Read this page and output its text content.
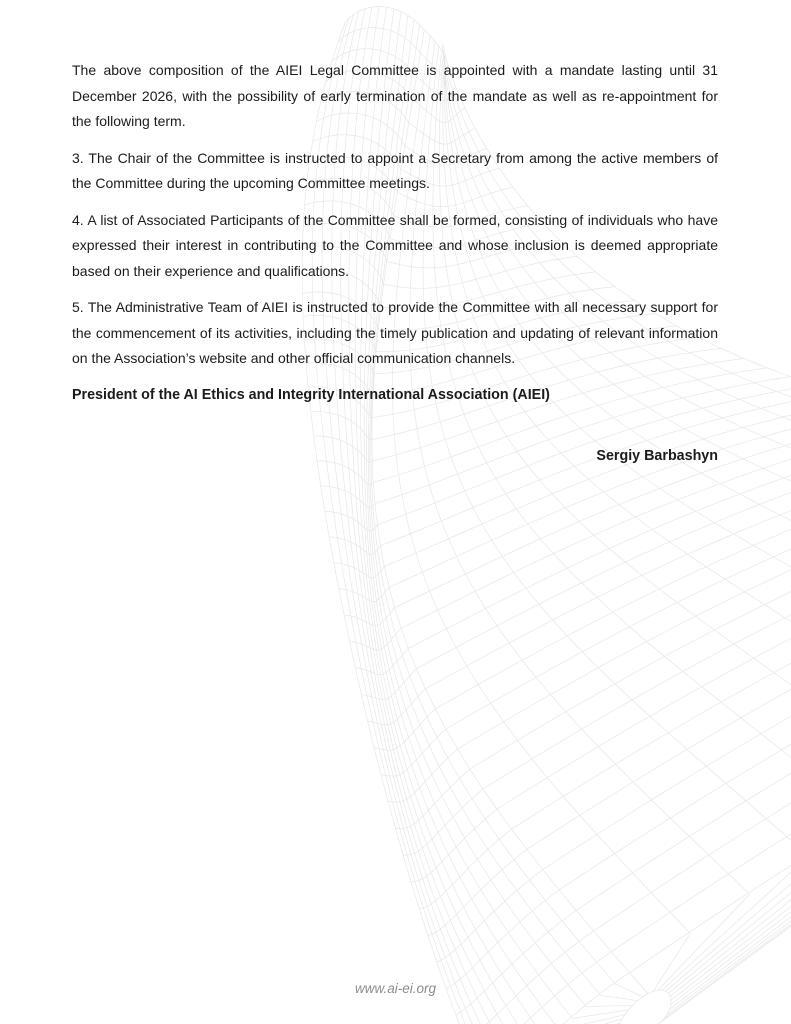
The above composition of the AIEI Legal Committee is appointed with a mandate lasting until 31 December 2026, with the possibility of early termination of the mandate as well as re-appointment for the following term.

3. The Chair of the Committee is instructed to appoint a Secretary from among the active members of the Committee during the upcoming Committee meetings.

4. A list of Associated Participants of the Committee shall be formed, consisting of individuals who have expressed their interest in contributing to the Committee and whose inclusion is deemed appropriate based on their experience and qualifications.

5. The Administrative Team of AIEI is instructed to provide the Committee with all necessary support for the commencement of its activities, including the timely publication and updating of relevant information on the Association’s website and other official communication channels.

President of the AI Ethics and Integrity International Association (AIEI)

Sergiy Barbashyn

www.ai-ei.org
